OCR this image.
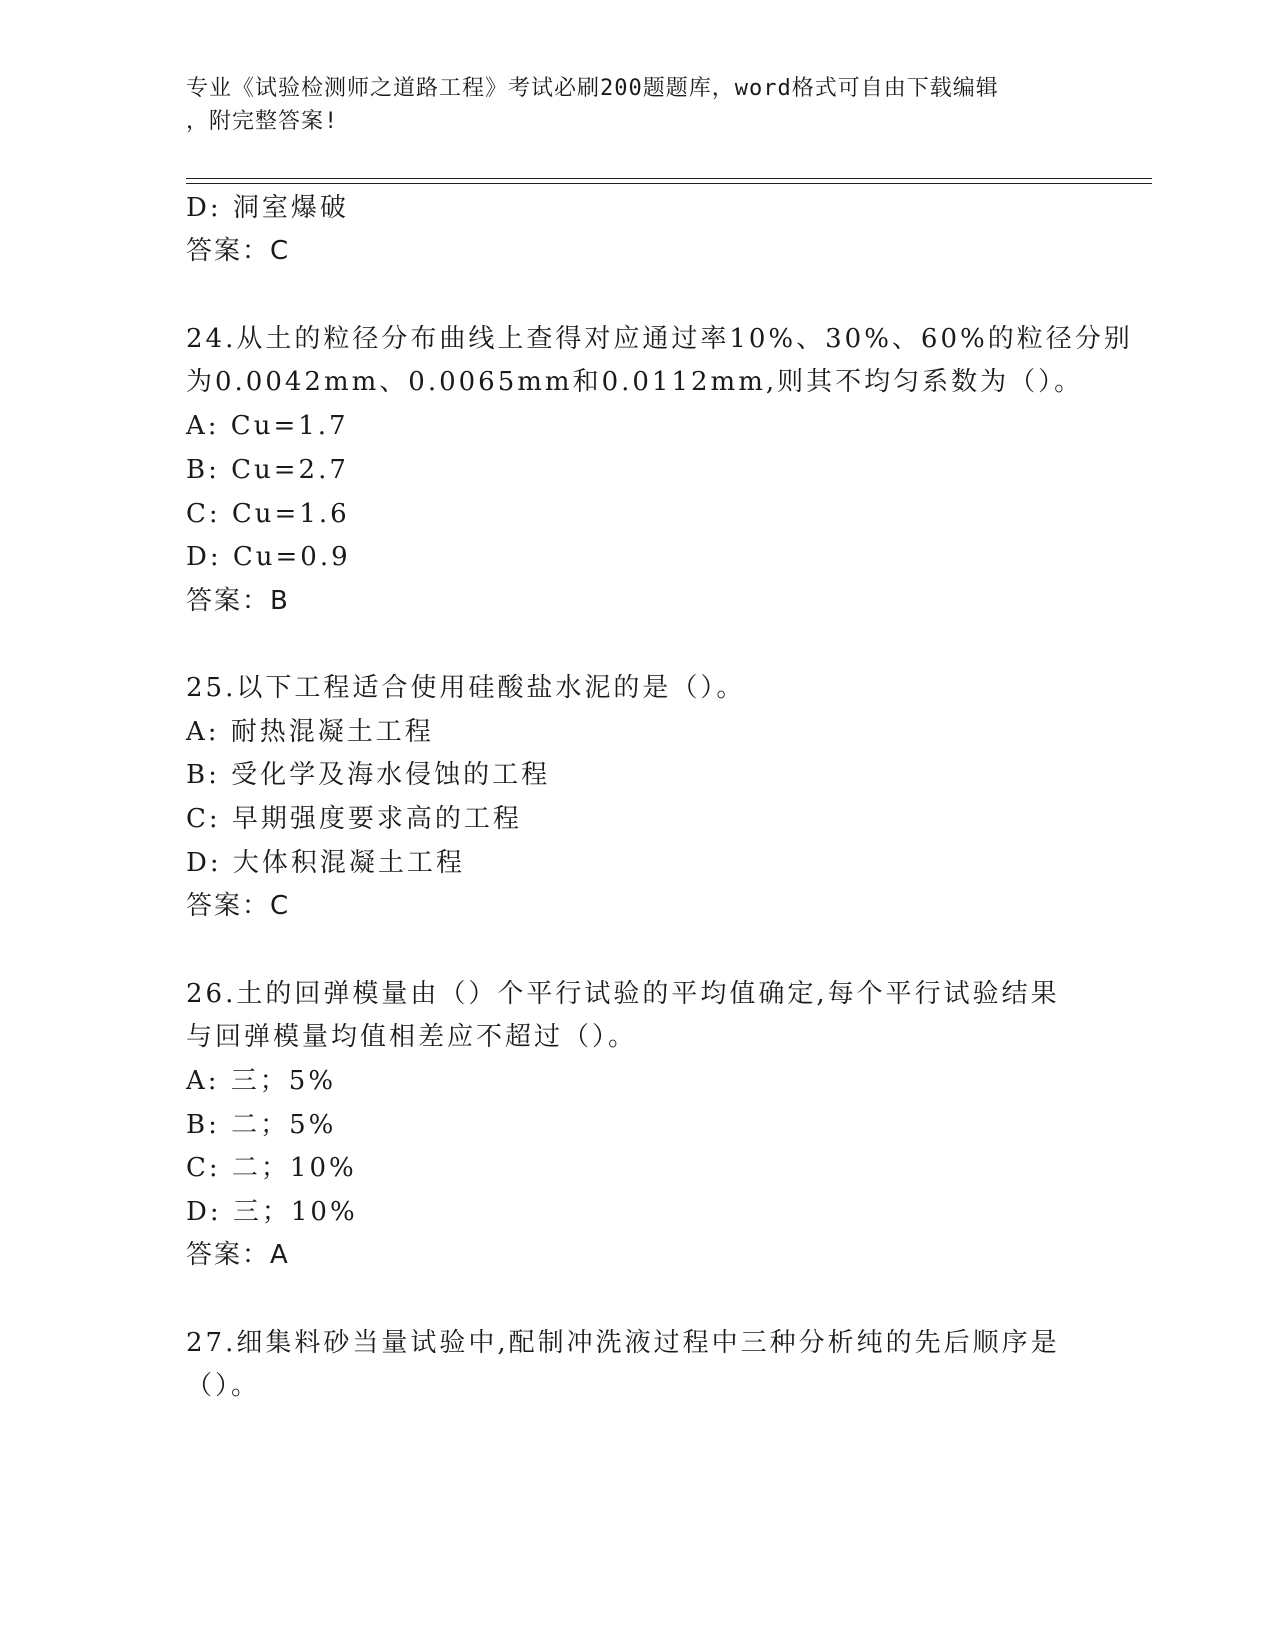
专业《试验检测师之道路工程》考试必刷200题题库，word格式可自由下载编辑
，附完整答案!
D: 洞室爆破
答案：C
24.从土的粒径分布曲线上查得对应通过率10%、30%、60%的粒径分别
为0.0042mm、0.0065mm和0.0112mm,则其不均匀系数为（）。
A: Cu=1.7
B: Cu=2.7
C: Cu=1.6
D: Cu=0.9
答案：B
25.以下工程适合使用硅酸盐水泥的是（）。
A: 耐热混凝土工程
B: 受化学及海水侵蚀的工程
C: 早期强度要求高的工程
D: 大体积混凝土工程
答案：C
26.土的回弹模量由（）个平行试验的平均值确定,每个平行试验结果
与回弹模量均值相差应不超过（）。
A: 三；5%
B: 二；5%
C: 二；10%
D: 三；10%
答案：A
27.细集料砂当量试验中,配制冲洗液过程中三种分析纯的先后顺序是
（）。
